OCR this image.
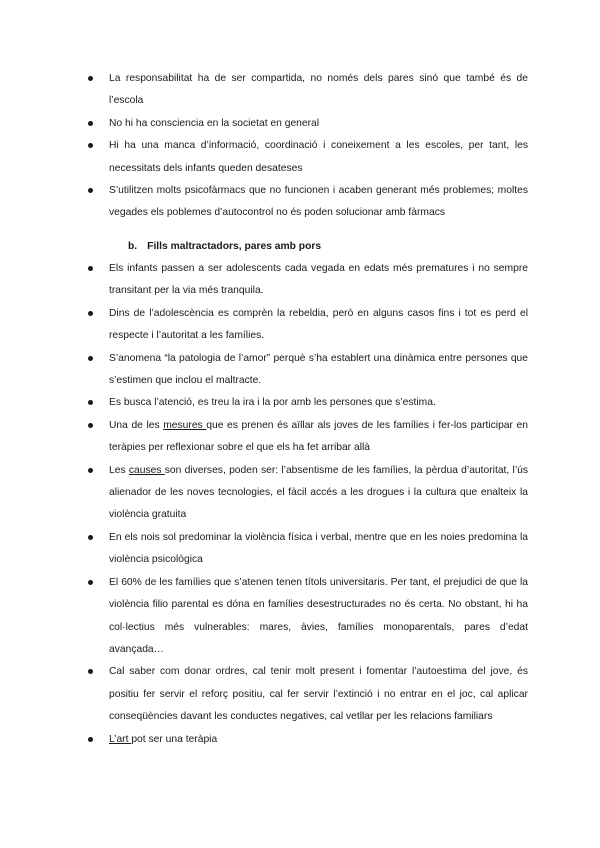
La responsabilitat ha de ser compartida, no només dels pares sinó que també és de l’escola
No hi ha consciencia en la societat en general
Hi ha una manca d’informació, coordinació i coneixement a les escoles, per tant, les necessitats dels infants queden desateses
S’utilitzen molts psicofàrmacs que no funcionen i acaben generant més problemes; moltes vegades els poblemes d’autocontrol no és poden solucionar amb fàrmacs
b. Fills maltractadors, pares amb pors
Els infants passen a ser adolescents cada vegada en edats més prematures i no sempre transitant per la via més tranquila.
Dins de l’adolescència es comprèn la rebeldia, però en alguns casos fins i tot es perd el respecte i l’autoritat a les famílies.
S’anomena “la patologia de l’amor” perquè s’ha establert una dinàmica entre persones que s’estimen que inclou el maltracte.
Es busca l’atenció, es treu la ira i la por amb les persones que s’estima.
Una de les mesures que es prenen és aïllar als joves de les famílies i fer-los participar en teràpies per reflexionar sobre el que els ha fet arribar allà
Les causes son diverses, poden ser: l’absentisme de les famílies, la pèrdua d’autoritat, l’ús alienador de les noves tecnologies, el fàcil accés a les drogues i la cultura que enalteix la violència gratuita
En els nois sol predominar la violència física i verbal, mentre que en les noies predomina la violència psicològica
El 60% de les famílies que s’atenen tenen títols universitaris. Per tant, el prejudici de que la violència filio parental es dóna en famílies desestructurades no és certa. No obstant, hi ha col·lectius més vulnerables: mares, àvies, famílies monoparentals, pares d’edat avançada…
Cal saber com donar ordres, cal tenir molt present i fomentar l’autoestima del jove, és positiu fer servir el reforç positiu, cal fer servir l’extinció i no entrar en el joc, cal aplicar conseqüències davant les conductes negatives, cal vetllar per les relacions familiars
L’art pot ser una teràpia
